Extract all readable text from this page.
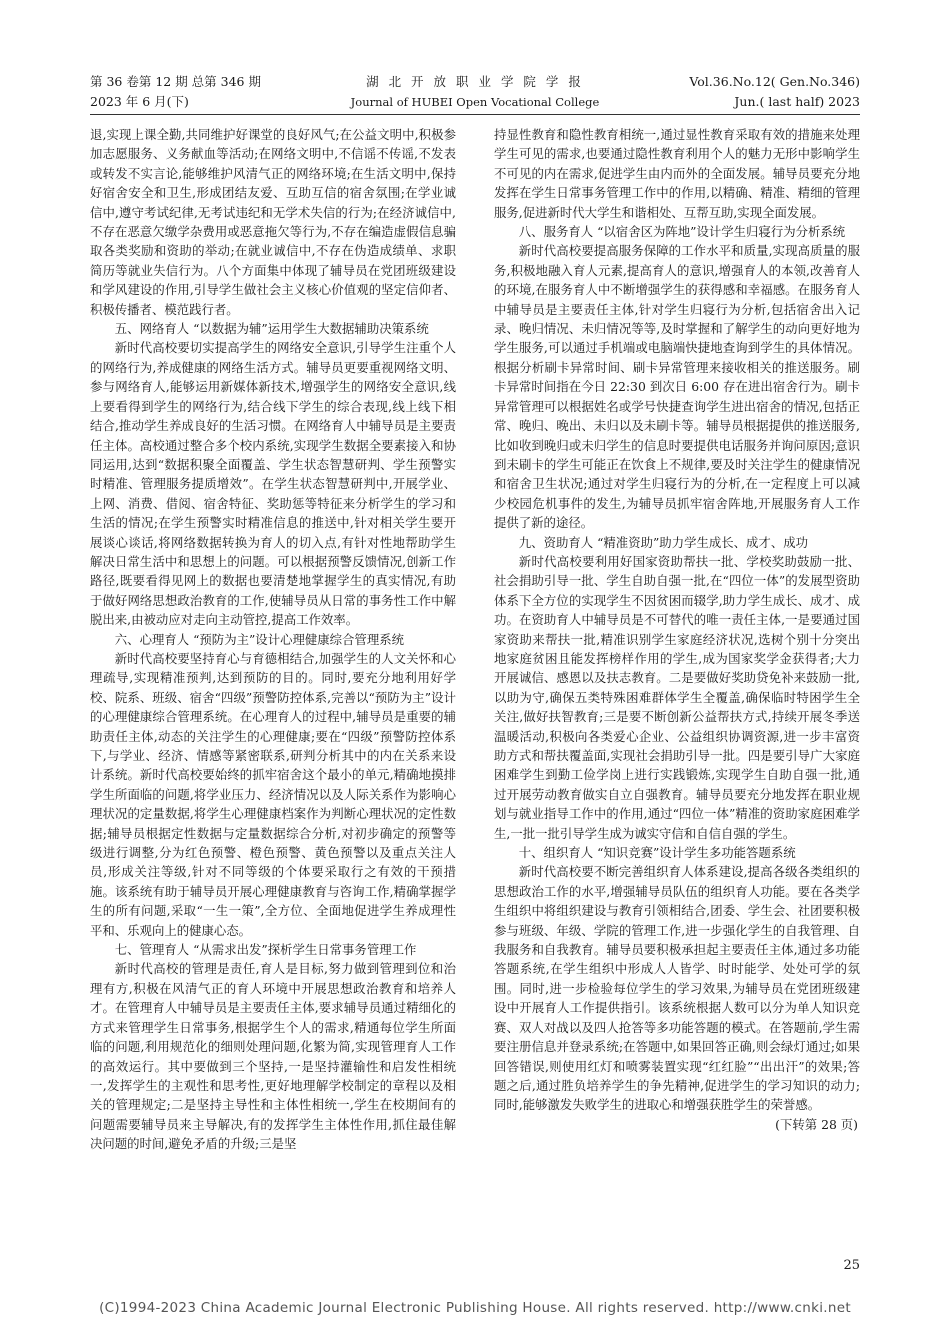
第 36 卷第 12 期 总第 346 期
2023 年 6 月(下)
湖 北 开 放 职 业 学 院 学 报
Journal of HUBEI Open Vocational College
Vol.36.No.12( Gen.No.346)
Jun.( last half) 2023

退,实现上课全勤,共同维护好课堂的良好风气;在公益文明中,积极参加志愿服务、义务献血等活动;在网络文明中,不信谣不传谣,不发表或转发不实言论,能够维护风清气正的网络环境;在生活文明中,保持好宿舍安全和卫生,形成团结友爱、互助互信的宿舍氛围;在学业诚信中,遵守考试纪律,无考试违纪和无学术失信的行为;在经济诚信中,不存在恶意欠缴学杂费用或恶意拖欠等行为,不存在编造虚假信息骗取各类奖励和资助的举动;在就业诚信中,不存在伪造成绩单、求职简历等就业失信行为。八个方面集中体现了辅导员在党团班级建设和学风建设的作用,引导学生做社会主义核心价值观的坚定信仰者、积极传播者、模范践行者。

五、网络育人 “以数据为辅”运用学生大数据辅助决策系统

新时代高校要切实提高学生的网络安全意识,引导学生注重个人的网络行为,养成健康的网络生活方式。辅导员更要重视网络文明、参与网络育人,能够运用新媒体新技术,增强学生的网络安全意识,线上要看得到学生的网络行为,结合线下学生的综合表现,线上线下相结合,推动学生养成良好的生活习惯。在网络育人中辅导员是主要责任主体。高校通过整合多个校内系统,实现学生数据全要素接入和协同运用,达到“数据积聚全面覆盖、学生状态智慧研判、学生预警实时精准、管理服务提质增效”。在学生状态智慧研判中,开展学业、上网、消费、借阅、宿舍特征、奖助惩等特征来分析学生的学习和生活的情况;在学生预警实时精准信息的推送中,针对相关学生要开展谈心谈话,将网络数据转换为育人的切入点,有针对性地帮助学生解决日常生活中和思想上的问题。可以根据预警反馈情况,创新工作路径,既要看得见网上的数据也要清楚地掌握学生的真实情况,有助于做好网络思想政治教育的工作,使辅导员从日常的事务性工作中解脱出来,由被动应对走向主动管控,提高工作效率。

六、心理育人 “预防为主”设计心理健康综合管理系统

新时代高校要坚持育心与育德相结合,加强学生的人文关怀和心理疏导,实现精准预判,达到预防的目的。同时,要充分地利用好学校、院系、班级、宿舍“四级”预警防控体系,完善以“预防为主”设计的心理健康综合管理系统。在心理育人的过程中,辅导员是重要的辅助责任主体,动态的关注学生的心理健康;要在“四级”预警防控体系下,与学业、经济、情感等紧密联系,研判分析其中的内在关系来设计系统。新时代高校要始终的抓牢宿舍这个最小的单元,精确地摸排学生所面临的问题,将学业压力、经济情况以及人际关系作为影响心理状况的定量数据,将学生心理健康档案作为判断心理状况的定性数据;辅导员根据定性数据与定量数据综合分析,对初步确定的预警等级进行调整,分为红色预警、橙色预警、黄色预警以及重点关注人员,形成关注等级,针对不同等级的个体要采取行之有效的干预措施。该系统有助于辅导员开展心理健康教育与咨询工作,精确掌握学生的所有问题,采取“一生一策”,全方位、全面地促进学生养成理性平和、乐观向上的健康心态。

七、管理育人 “从需求出发”探析学生日常事务管理工作

新时代高校的管理是责任,育人是目标,努力做到管理到位和治理有方,积极在风清气正的育人环境中开展思想政治教育和培养人才。在管理育人中辅导员是主要责任主体,要求辅导员通过精细化的方式来管理学生日常事务,根据学生个人的需求,精通每位学生所面临的问题,利用规范化的细则处理问题,化繁为简,实现管理育人工作的高效运行。其中要做到三个坚持,一是坚持灌输性和启发性相统一,发挥学生的主观性和思考性,更好地理解学校制定的章程以及相关的管理规定;二是坚持主导性和主体性相统一,学生在校期间有的问题需要辅导员来主导解决,有的发挥学生主体性作用,抓住最佳解决问题的时间,避免矛盾的升级;三是坚

持显性教育和隐性教育相统一,通过显性教育采取有效的措施来处理学生可见的需求,也要通过隐性教育利用个人的魅力无形中影响学生不可见的内在需求,促进学生由内而外的全面发展。辅导员要充分地发挥在学生日常事务管理工作中的作用,以精确、精准、精细的管理服务,促进新时代大学生和谐相处、互帮互助,实现全面发展。

八、服务育人 “以宿舍区为阵地”设计学生归寝行为分析系统

新时代高校要提高服务保障的工作水平和质量,实现高质量的服务,积极地融入育人元素,提高育人的意识,增强育人的本领,改善育人的环境,在服务育人中不断增强学生的获得感和幸福感。在服务育人中辅导员是主要责任主体,针对学生归寝行为分析,包括宿舍出入记录、晚归情况、未归情况等等,及时掌握和了解学生的动向更好地为学生服务,可以通过手机端或电脑端快捷地查询到学生的具体情况。根据分析刷卡异常时间、刷卡异常管理来接收相关的推送服务。刷卡异常时间指在今日 22:30 到次日 6:00 存在进出宿舍行为。刷卡异常管理可以根据姓名或学号快捷查询学生进出宿舍的情况,包括正常、晚归、晚出、未归以及未刷卡等。辅导员根据提供的推送服务,比如收到晚归或未归学生的信息时要提供电话服务并询问原因;意识到未刷卡的学生可能正在饮食上不规律,要及时关注学生的健康情况和宿舍卫生状况;通过对学生归寝行为的分析,在一定程度上可以减少校园危机事件的发生,为辅导员抓牢宿舍阵地,开展服务育人工作提供了新的途径。

九、资助育人 “精准资助”助力学生成长、成才、成功

新时代高校要利用好国家资助帮扶一批、学校奖助鼓励一批、社会捐助引导一批、学生自助自强一批,在“四位一体”的发展型资助体系下全方位的实现学生不因贫困而辍学,助力学生成长、成才、成功。在资助育人中辅导员是不可替代的唯一责任主体,一是要通过国家资助来帮扶一批,精准识别学生家庭经济状况,选树个别十分突出地家庭贫困且能发挥榜样作用的学生,成为国家奖学金获得者;大力开展诚信、感恩以及扶志教育。二是要做好奖助贷免补来鼓励一批,以助为守,确保五类特殊困难群体学生全覆盖,确保临时特困学生全关注,做好扶智教育;三是要不断创新公益帮扶方式,持续开展冬季送温暖活动,积极向各类爱心企业、公益组织协调资源,进一步丰富资助方式和帮扶覆盖面,实现社会捐助引导一批。四是要引导广大家庭困难学生到勤工俭学岗上进行实践锻炼,实现学生自助自强一批,通过开展劳动教育做实自立自强教育。辅导员要充分地发挥在职业规划与就业指导工作中的作用,通过“四位一体”精准的资助家庭困难学生,一批一批引导学生成为诚实守信和自信自强的学生。

十、组织育人 “知识竞赛”设计学生多功能答题系统

新时代高校要不断完善组织育人体系建设,提高各级各类组织的思想政治工作的水平,增强辅导员队伍的组织育人功能。要在各类学生组织中将组织建设与教育引领相结合,团委、学生会、社团要积极参与班级、年级、学院的管理工作,进一步强化学生的自我管理、自我服务和自我教育。辅导员要积极承担起主要责任主体,通过多功能答题系统,在学生组织中形成人人皆学、时时能学、处处可学的氛围。同时,进一步检验每位学生的学习效果,为辅导员在党团班级建设中开展育人工作提供指引。该系统根据人数可以分为单人知识竞赛、双人对战以及四人抢答等多功能答题的模式。在答题前,学生需要注册信息并登录系统;在答题中,如果回答正确,则会绿灯通过;如果回答错误,则使用红灯和喷雾装置实现“红红脸”“出出汗”的效果;答题之后,通过胜负培养学生的争先精神,促进学生的学习知识的动力;同时,能够激发失败学生的进取心和增强获胜学生的荣誉感。

(下转第 28 页)

25
(C)1994-2023 China Academic Journal Electronic Publishing House. All rights reserved. http://www.cnki.net
